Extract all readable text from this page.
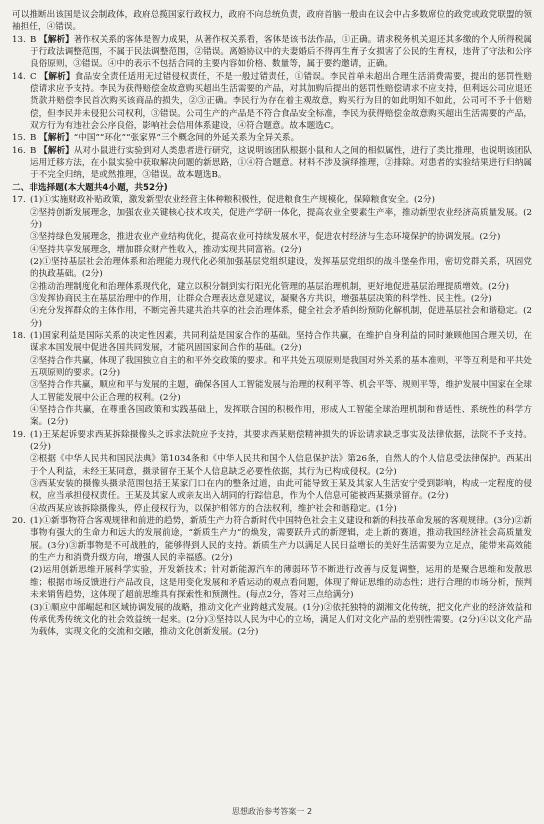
可以推断出该国是议会制政体，政府总揽国家行政权力，政府不向总统负责，政府首脑一般由在议会中占多数席位的政党或政党联盟的领袖担任，④错误。

13. B 【解析】著作权关系的客体是智力成果，从著作权关系看，客体是该书法作品，①正确。请求税务机关退还其多缴的个人所得税属于行政法调整范围，不属于民法调整范围，②错误。离婚协议中的夫妻婚后不得再生育子女损害了公民的生育权，违背了守法和公序良俗原则，③错误。④中的表示不包括合同的主要内容如价格、数量等，属于要约邀请，正确。
14. C 【解析】食品安全责任适用无过错侵权责任，不是一般过错责任，①错误。李民首单未超出合理生活消费需要，提出的惩罚性赔偿请求应予支持。李民为获得赔偿金故意购买超出生活需要的产品，对其加购后提出的惩罚性赔偿请求不应支持，但利远公司应退还货款并赔偿李民首次购买该商品的损失，②③正确。李民行为存在着主观故意，购买行为目的如此明知不如此，公司可不予十倍赔偿，但李民并未侵犯公司权利，③错误。公司生产的产品是不符合食品安全标准，李民为获得赔偿金故意购买超出生活需要的产品，双方行为有违社会公序良俗，影响社会信用体系建设，④符合题意。故本题选C。
15. B 【解析】“中国”“环化”“张家界”三个概念间的外延关系为全异关系。
16. B 【解析】从对小鼠进行实验到对人类患者进行研究，这说明该团队根据小鼠和人之间的相似属性，进行了类比推理，也说明该团队运用迁移方法，在小鼠实验中获取解决问题的新思路，①④符合题意。材料不涉及演绎推理，②排除。对患者的实验结果进行归纳属于不完全归纳，是或然推理，③错误。故本题选B。

二、非选择题(本大题共4小题，共52分)

17. (1)①实施财政补贴政策，激发新型农业经营主体种粮积极性，促进粮食生产规模化，保障粮食安全。(2分)

②坚持创新发展理念，加强农业关键核心技术攻关，促进产学研一体化，提高农业全要素生产率，推动新型农业经济高质量发展。(2分)

③坚持绿色发展理念，推进农业产业结构优化，提高农业可持续发展水平，促进农村经济与生态环境保护的协调发展。(2分)

④坚持共享发展理念，增加群众财产性收入，推动实现共同富裕。(2分)

(2)①坚持基层社会治理体系和治理能力现代化必须加强基层党组织建设，发挥基层党组织的战斗堡垒作用，密切党群关系，巩固党的执政基础。(2分)

②推动治理制度化和治理体系现代化，建立以积分制到实行阳光化管理的基层治理机制，更好地促进基层治理提质增效。(2分)

③发挥协商民主在基层治理中的作用，让群众合理表达意见建议，凝聚各方共识，增强基层决策的科学性、民主性。(2分)

④充分发挥群众的主体作用，不断完善共建共治共享的社会治理体系，健全社会矛盾纠纷预防化解机制，促进基层社会和谐稳定。(2分)

18. (1)国家利益是国际关系的决定性因素，共同利益是国家合作的基础。坚持合作共赢，在维护自身利益的同时兼顾他国合理关切，在谋求本国发展中促进各国共同发展，才能巩固国家间合作的基础。(2分)

②坚持合作共赢，体现了我国独立自主的和平外交政策的要求。和平共处五项原则是我国对外关系的基本准则，平等互利是和平共处五项原则的要求。(2分)

③坚持合作共赢，顺应和平与发展的主题，确保各国人工智能发展与治理的权利平等、机会平等、规则平等，维护发展中国家在全球人工智能发展中公正合理的权利。(2分)

④坚持合作共赢，在尊重各国政策和实践基础上，发挥联合国的积极作用，形成人工智能全球治理机制和普适性、系统性的科学方案。(2分)

19. (1)王某起诉要求西某拆除摄像头之诉求法院应予支持，其要求西某赔偿精神损失的诉讼请求缺乏事实及法律依据，法院不予支持。(2分)

②根据《中华人民共和国民法典》第1034条和《中华人民共和国个人信息保护法》第26条，自然人的个人信息受法律保护。西某出于个人利益，未经王某同意，摄录留存王某个人信息缺乏必要性依据，其行为已构成侵权。(2分)

③西某安装的摄像头摄录范围包括王某家门口在内的整条过道，由此可能导致王某及其家人生活安宁受到影响，构成一定程度的侵权，应当承担侵权责任。王某及其家人或亲友出入胡同的行踪信息，作为个人信息可能被西某摄录留存。(2分)

④故西某应该拆除摄像头，停止侵权行为，以保护相邻方的合法权利，维护社会和谐稳定。(1分)

20. (1)①新事物符合客观规律和前进的趋势，新质生产力符合新时代中国特色社会主义建设和新的科技革命发展的客观规律。(3分)②新事物有强大的生命力和远大的发展前途，“新质生产力”的焕发，需要跃升式的新逻辑，走上新的赛道，推动我国经济社会高质量发展。(3分)③新事物是不可战胜的，能够得到人民的支持。新质生产力以满足人民日益增长的美好生活需要为立足点，能带来高效能的生产力和消费升级方向，增强人民的幸福感。(2分)

(2)运用创新思维开展科学实验，开发新技术；针对新能源汽车的薄弱环节不断进行改善与反复调整，运用的是聚合思维和发散思维；根据市场反馈进行产品改良，这是用变化发展和矛盾运动的观点看问题，体现了辩证思维的动态性；进行合理的市场分析，预判未来销售趋势，这体现了超前思维具有探索性和预测性。(每点2分，答对三点给满分)

(3)①顺应中部崛起和区域协调发展的战略，推动文化产业跨越式发展。(1分)②依托独特的湖湘文化传统，把文化产业的经济效益和传承优秀传统文化的社会效益统一起来。(2分)③坚持以人民为中心的立场，满足人们对文化产品的差别性需要。(2分)④以文化产品为载体，实现文化的交流和交融，推动文化创新发展。(2分)

思想政治参考答案一 2
